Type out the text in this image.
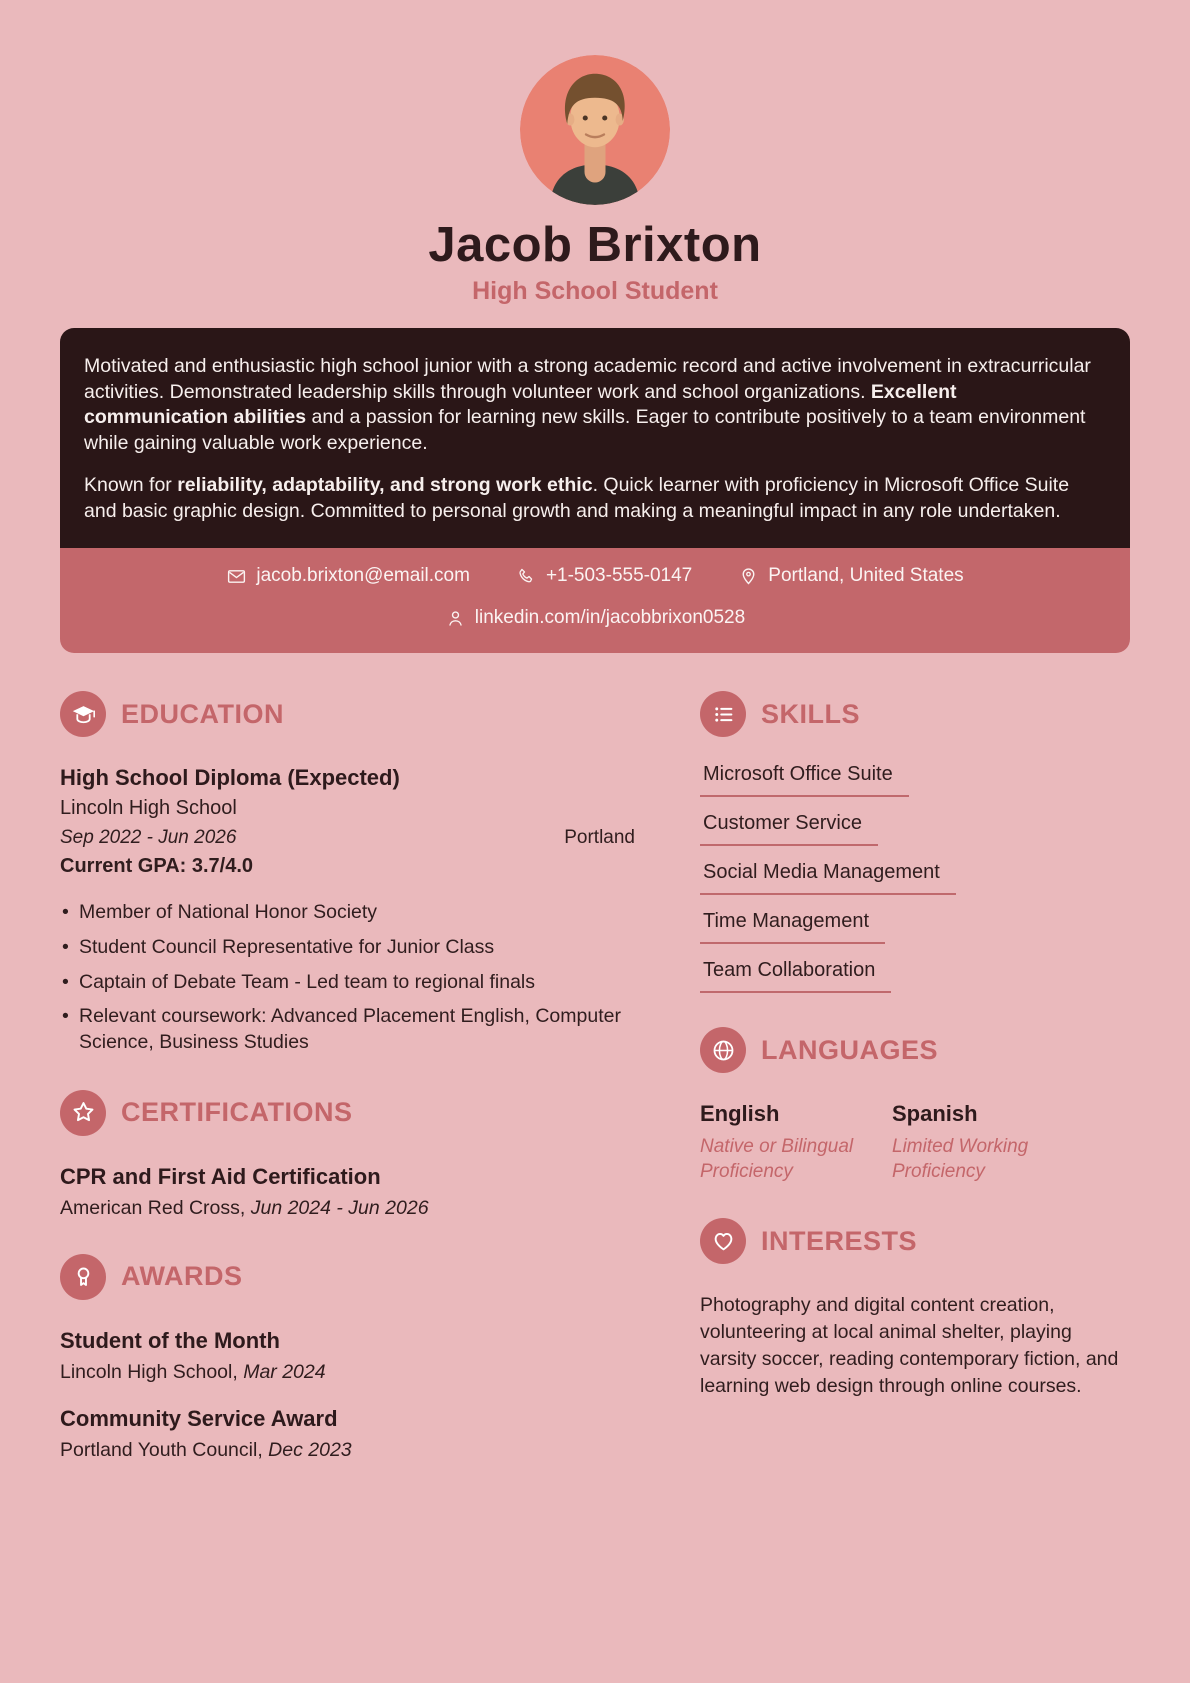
Jacob Brixton
High School Student

Motivated and enthusiastic high school junior with a strong academic record and active involvement in extracurricular activities. Demonstrated leadership skills through volunteer work and school organizations. Excellent communication abilities and a passion for learning new skills. Eager to contribute positively to a team environment while gaining valuable work experience.

Known for reliability, adaptability, and strong work ethic. Quick learner with proficiency in Microsoft Office Suite and basic graphic design. Committed to personal growth and making a meaningful impact in any role undertaken.

jacob.brixton@email.com	+1-503-555-0147	Portland, United States
linkedin.com/in/jacobbrixon0528
EDUCATION
High School Diploma (Expected)
Lincoln High School
Sep 2022 - Jun 2026	Portland
Current GPA: 3.7/4.0
• Member of National Honor Society
• Student Council Representative for Junior Class
• Captain of Debate Team - Led team to regional finals
• Relevant coursework: Advanced Placement English, Computer Science, Business Studies
CERTIFICATIONS
CPR and First Aid Certification
American Red Cross, Jun 2024 - Jun 2026
AWARDS
Student of the Month
Lincoln High School, Mar 2024
Community Service Award
Portland Youth Council, Dec 2023
SKILLS
Microsoft Office Suite
Customer Service
Social Media Management
Time Management
Team Collaboration
LANGUAGES
English
Native or Bilingual Proficiency
Spanish
Limited Working Proficiency
INTERESTS

Photography and digital content creation, volunteering at local animal shelter, playing varsity soccer, reading contemporary fiction, and learning web design through online courses.
